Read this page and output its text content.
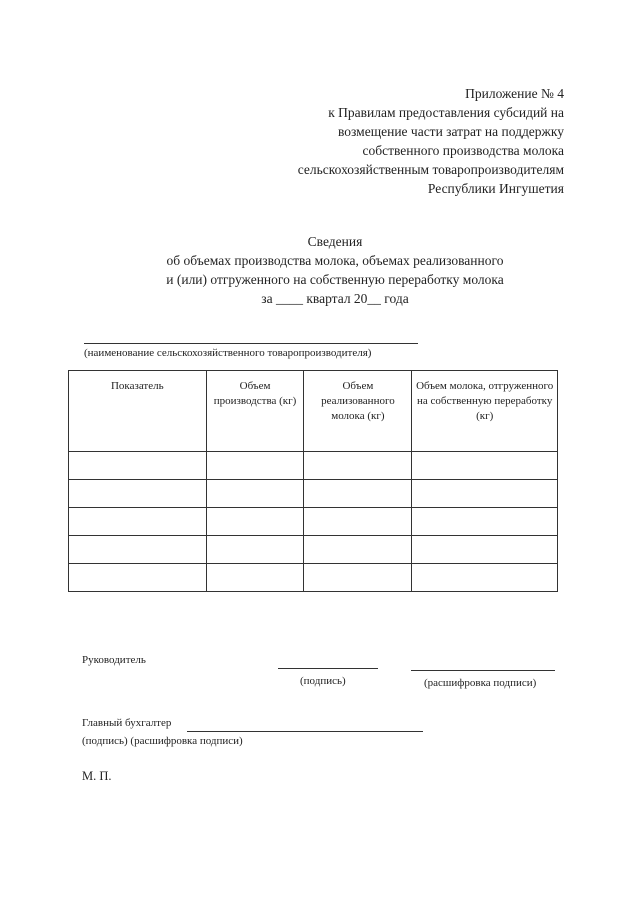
Приложение № 4
к Правилам предоставления субсидий на
возмещение части затрат на поддержку
собственного производства молока
сельскохозяйственным товаропроизводителям
Республики Ингушетия
Сведения
об объемах производства молока, объемах реализованного
и (или) отгруженного на собственную переработку молока
за ____ квартал 20__ года
(наименование сельскохозяйственного товаропроизводителя)
Показатель	Объем производства (кг)	Объем реализованного молока (кг)	Объем молока, отгруженного на собственную переработку (кг)

Руководитель
(подпись)	(расшифровка подписи)
Главный бухгалтер
(подпись) (расшифровка подписи)
М. П.
